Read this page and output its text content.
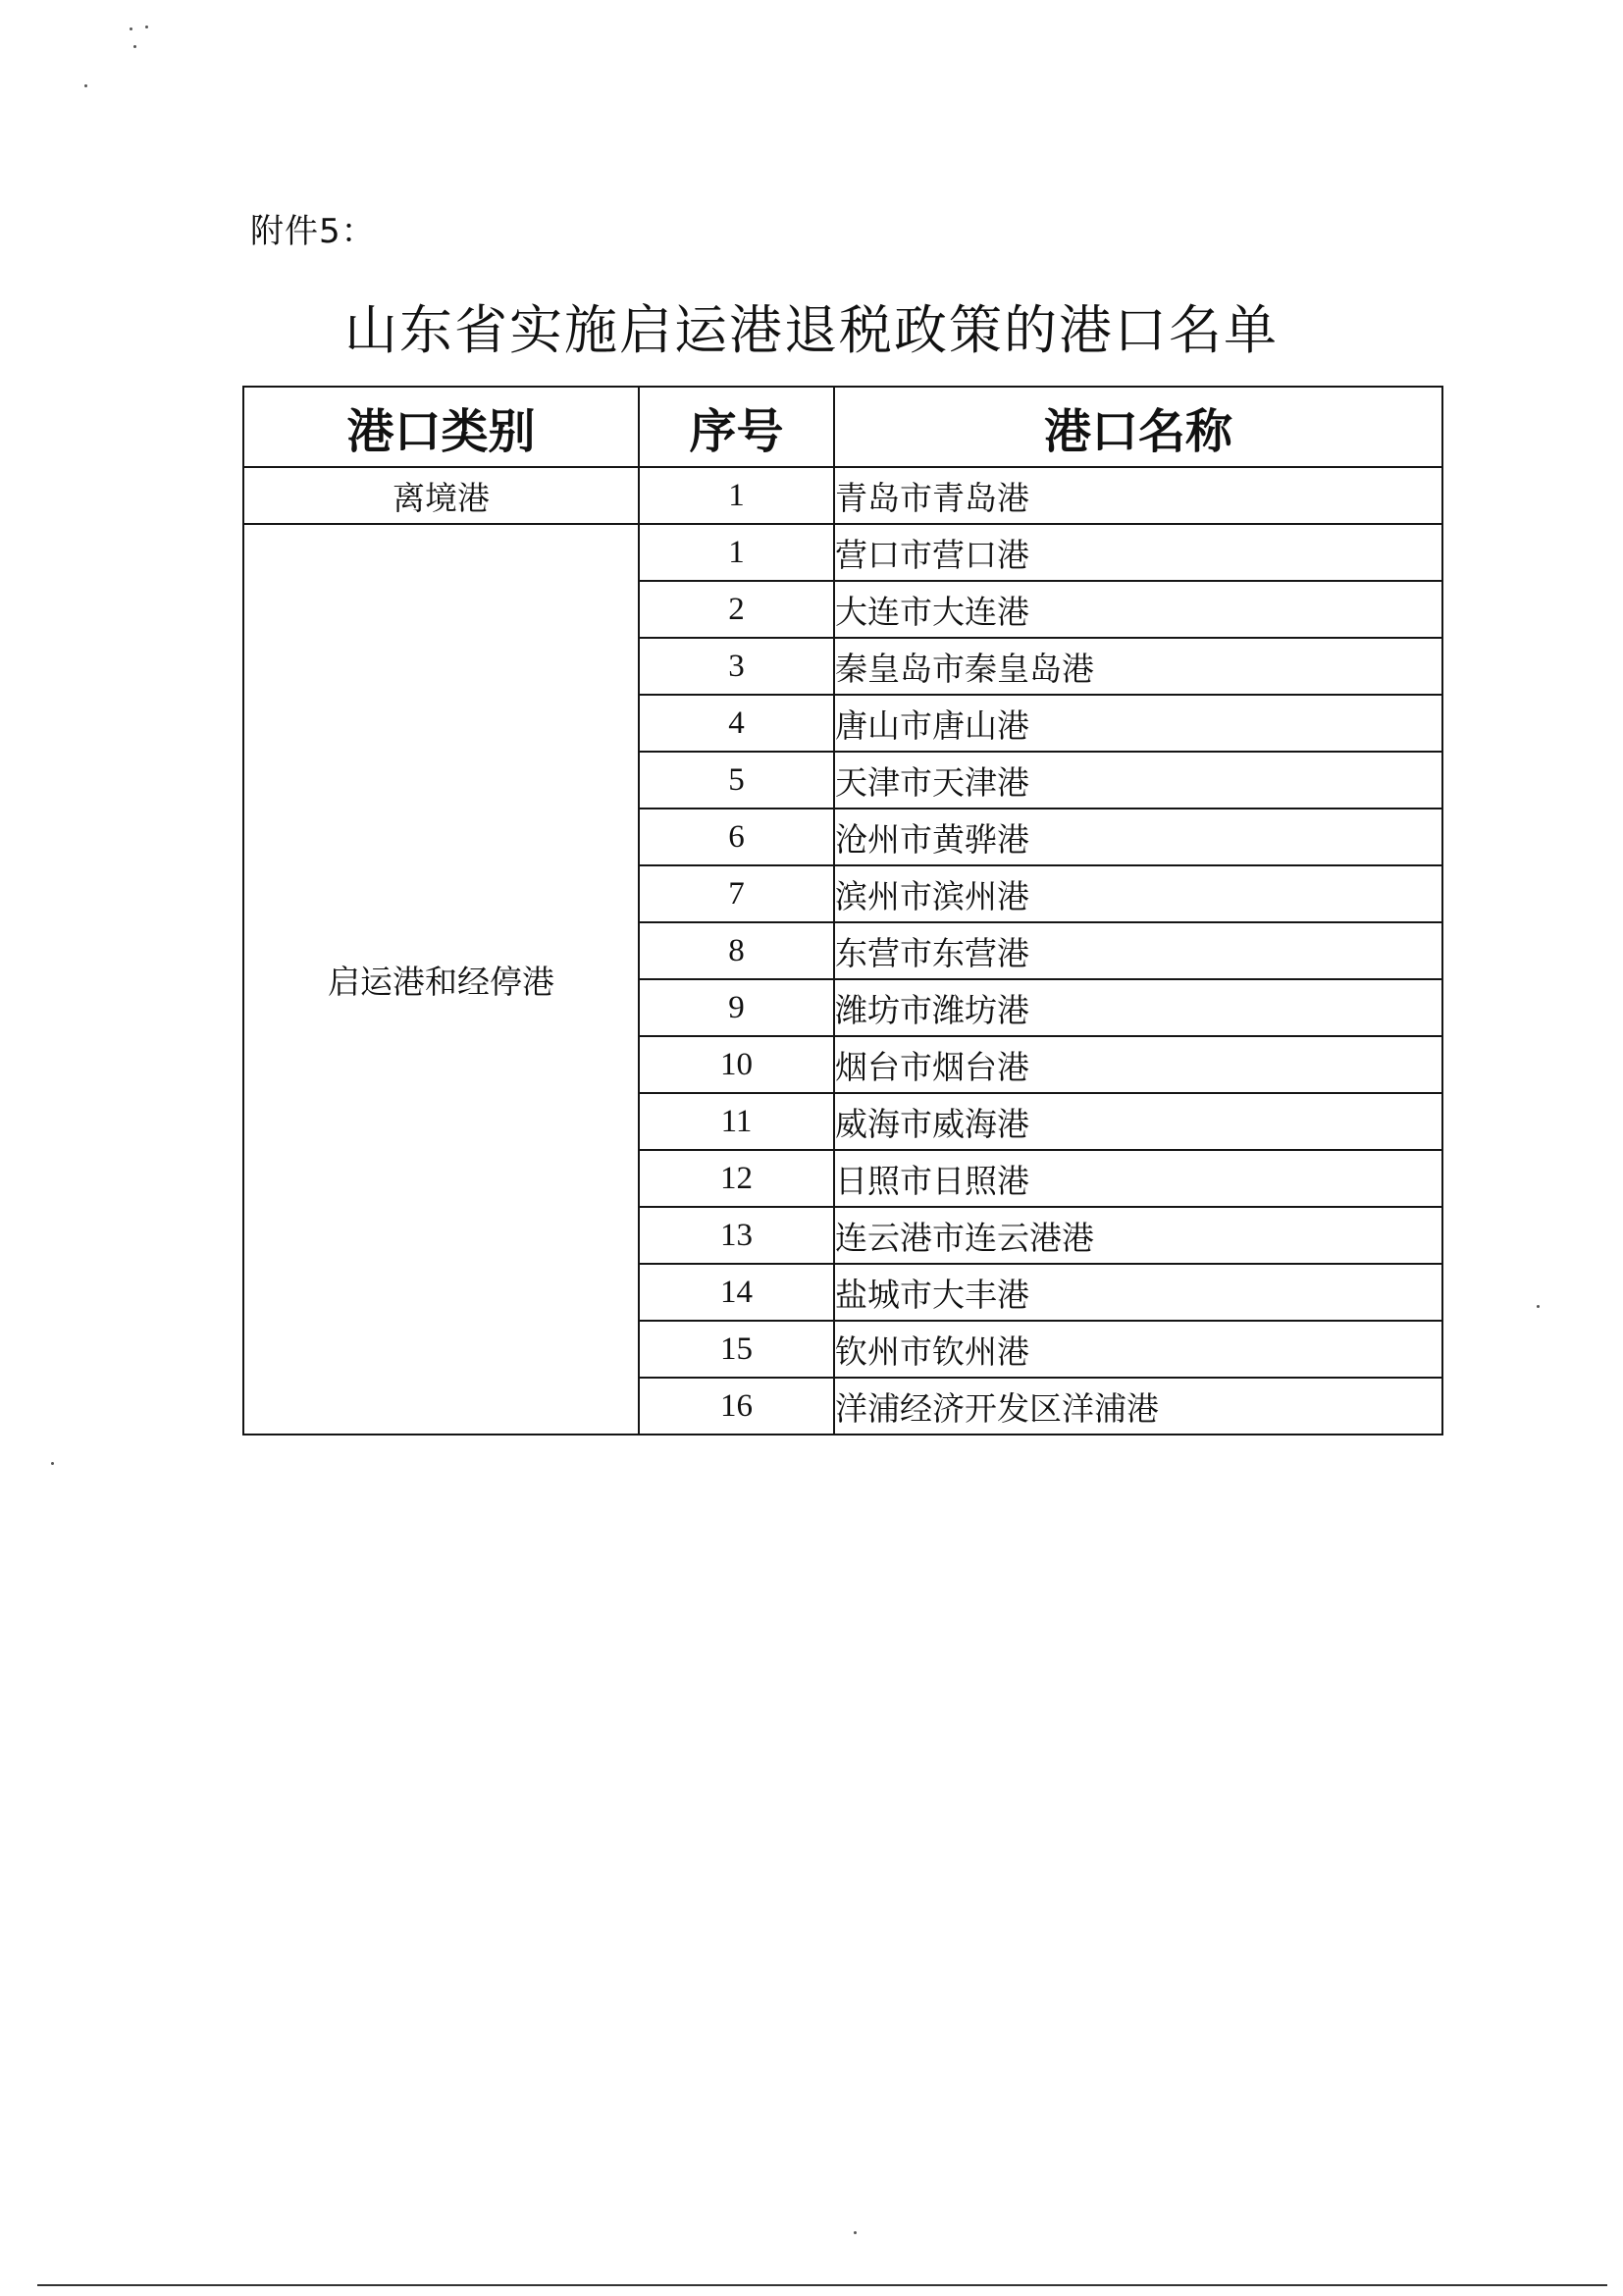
附件5：
山东省实施启运港退税政策的港口名单
港口类别	序号	港口名称
离境港	1	青岛市青岛港
启运港和经停港	1	营口市营口港
	2	大连市大连港
	3	秦皇岛市秦皇岛港
	4	唐山市唐山港
	5	天津市天津港
	6	沧州市黄骅港
	7	滨州市滨州港
	8	东营市东营港
	9	潍坊市潍坊港
	10	烟台市烟台港
	11	威海市威海港
	12	日照市日照港
	13	连云港市连云港港
	14	盐城市大丰港
	15	钦州市钦州港
	16	洋浦经济开发区洋浦港
